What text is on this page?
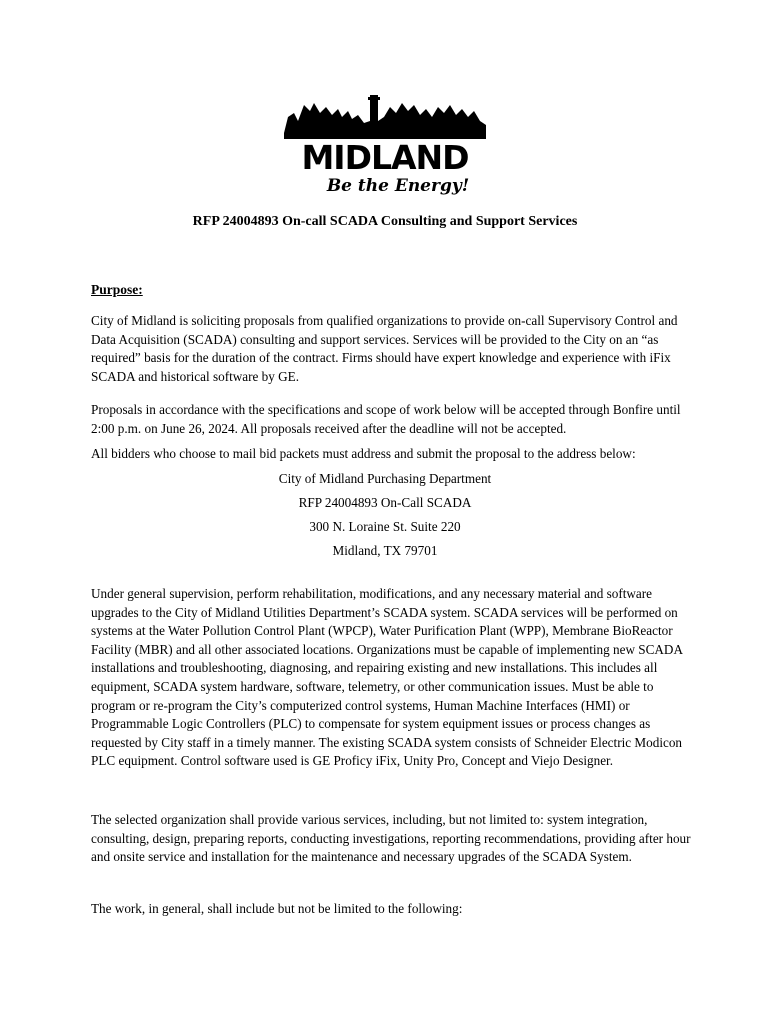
MIDLAND
Be the Energy!
RFP 24004893 On-call SCADA Consulting and Support Services
Purpose:

City of Midland is soliciting proposals from qualified organizations to provide on-call Supervisory Control and Data Acquisition (SCADA) consulting and support services. Services will be provided to the City on an “as required” basis for the duration of the contract. Firms should have expert knowledge and experience with iFix SCADA and historical software by GE.

Proposals in accordance with the specifications and scope of work below will be accepted through Bonfire until 2:00 p.m. on June 26, 2024. All proposals received after the deadline will not be accepted.

All bidders who choose to mail bid packets must address and submit the proposal to the address below:

City of Midland Purchasing Department
RFP 24004893 On-Call SCADA
300 N. Loraine St. Suite 220
Midland, TX 79701

Under general supervision, perform rehabilitation, modifications, and any necessary material and software upgrades to the City of Midland Utilities Department’s SCADA system. SCADA services will be performed on systems at the Water Pollution Control Plant (WPCP), Water Purification Plant (WPP), Membrane BioReactor Facility (MBR) and all other associated locations. Organizations must be capable of implementing new SCADA installations and troubleshooting, diagnosing, and repairing existing and new installations. This includes all equipment, SCADA system hardware, software, telemetry, or other communication issues. Must be able to program or re-program the City’s computerized control systems, Human Machine Interfaces (HMI) or Programmable Logic Controllers (PLC) to compensate for system equipment issues or process changes as requested by City staff in a timely manner. The existing SCADA system consists of Schneider Electric Modicon PLC equipment. Control software used is GE Proficy iFix, Unity Pro, Concept and Viejo Designer.

The selected organization shall provide various services, including, but not limited to: system integration, consulting, design, preparing reports, conducting investigations, reporting recommendations, providing after hour and onsite service and installation for the maintenance and necessary upgrades of the SCADA System.

The work, in general, shall include but not be limited to the following:
